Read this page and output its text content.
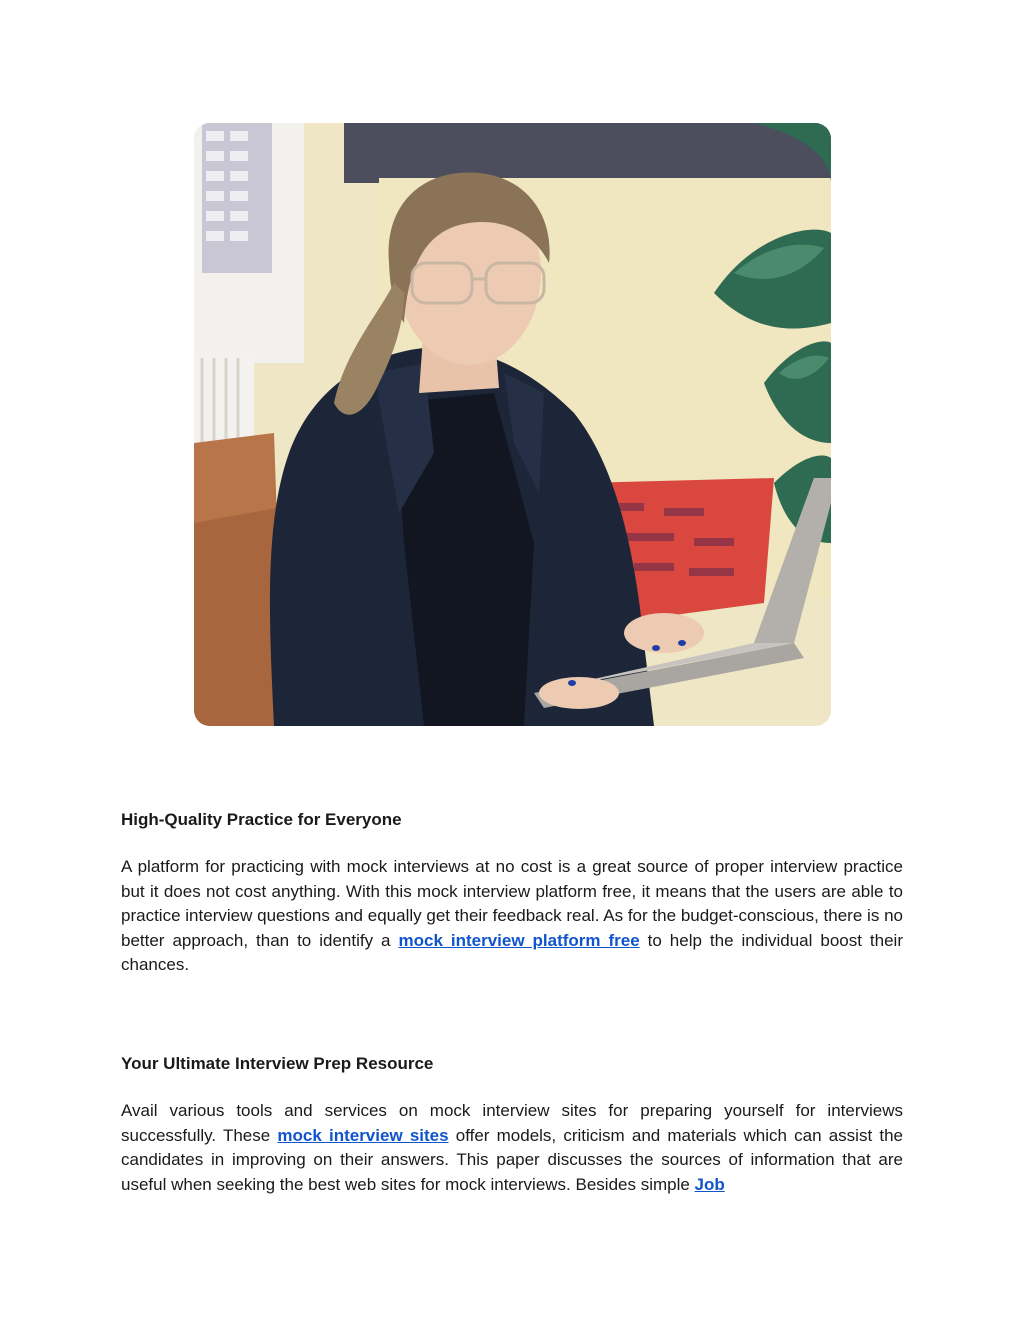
High-Quality Practice for Everyone

A platform for practicing with mock interviews at no cost is a great source of proper interview practice but it does not cost anything. With this mock interview platform free, it means that the users are able to practice interview questions and equally get their feedback real. As for the budget-conscious, there is no better approach, than to identify a mock interview platform free to help the individual boost their chances.

Your Ultimate Interview Prep Resource

Avail various tools and services on mock interview sites for preparing yourself for interviews successfully. These mock interview sites offer models, criticism and materials which can assist the candidates in improving on their answers. This paper discusses the sources of information that are useful when seeking the best web sites for mock interviews. Besides simple Job
